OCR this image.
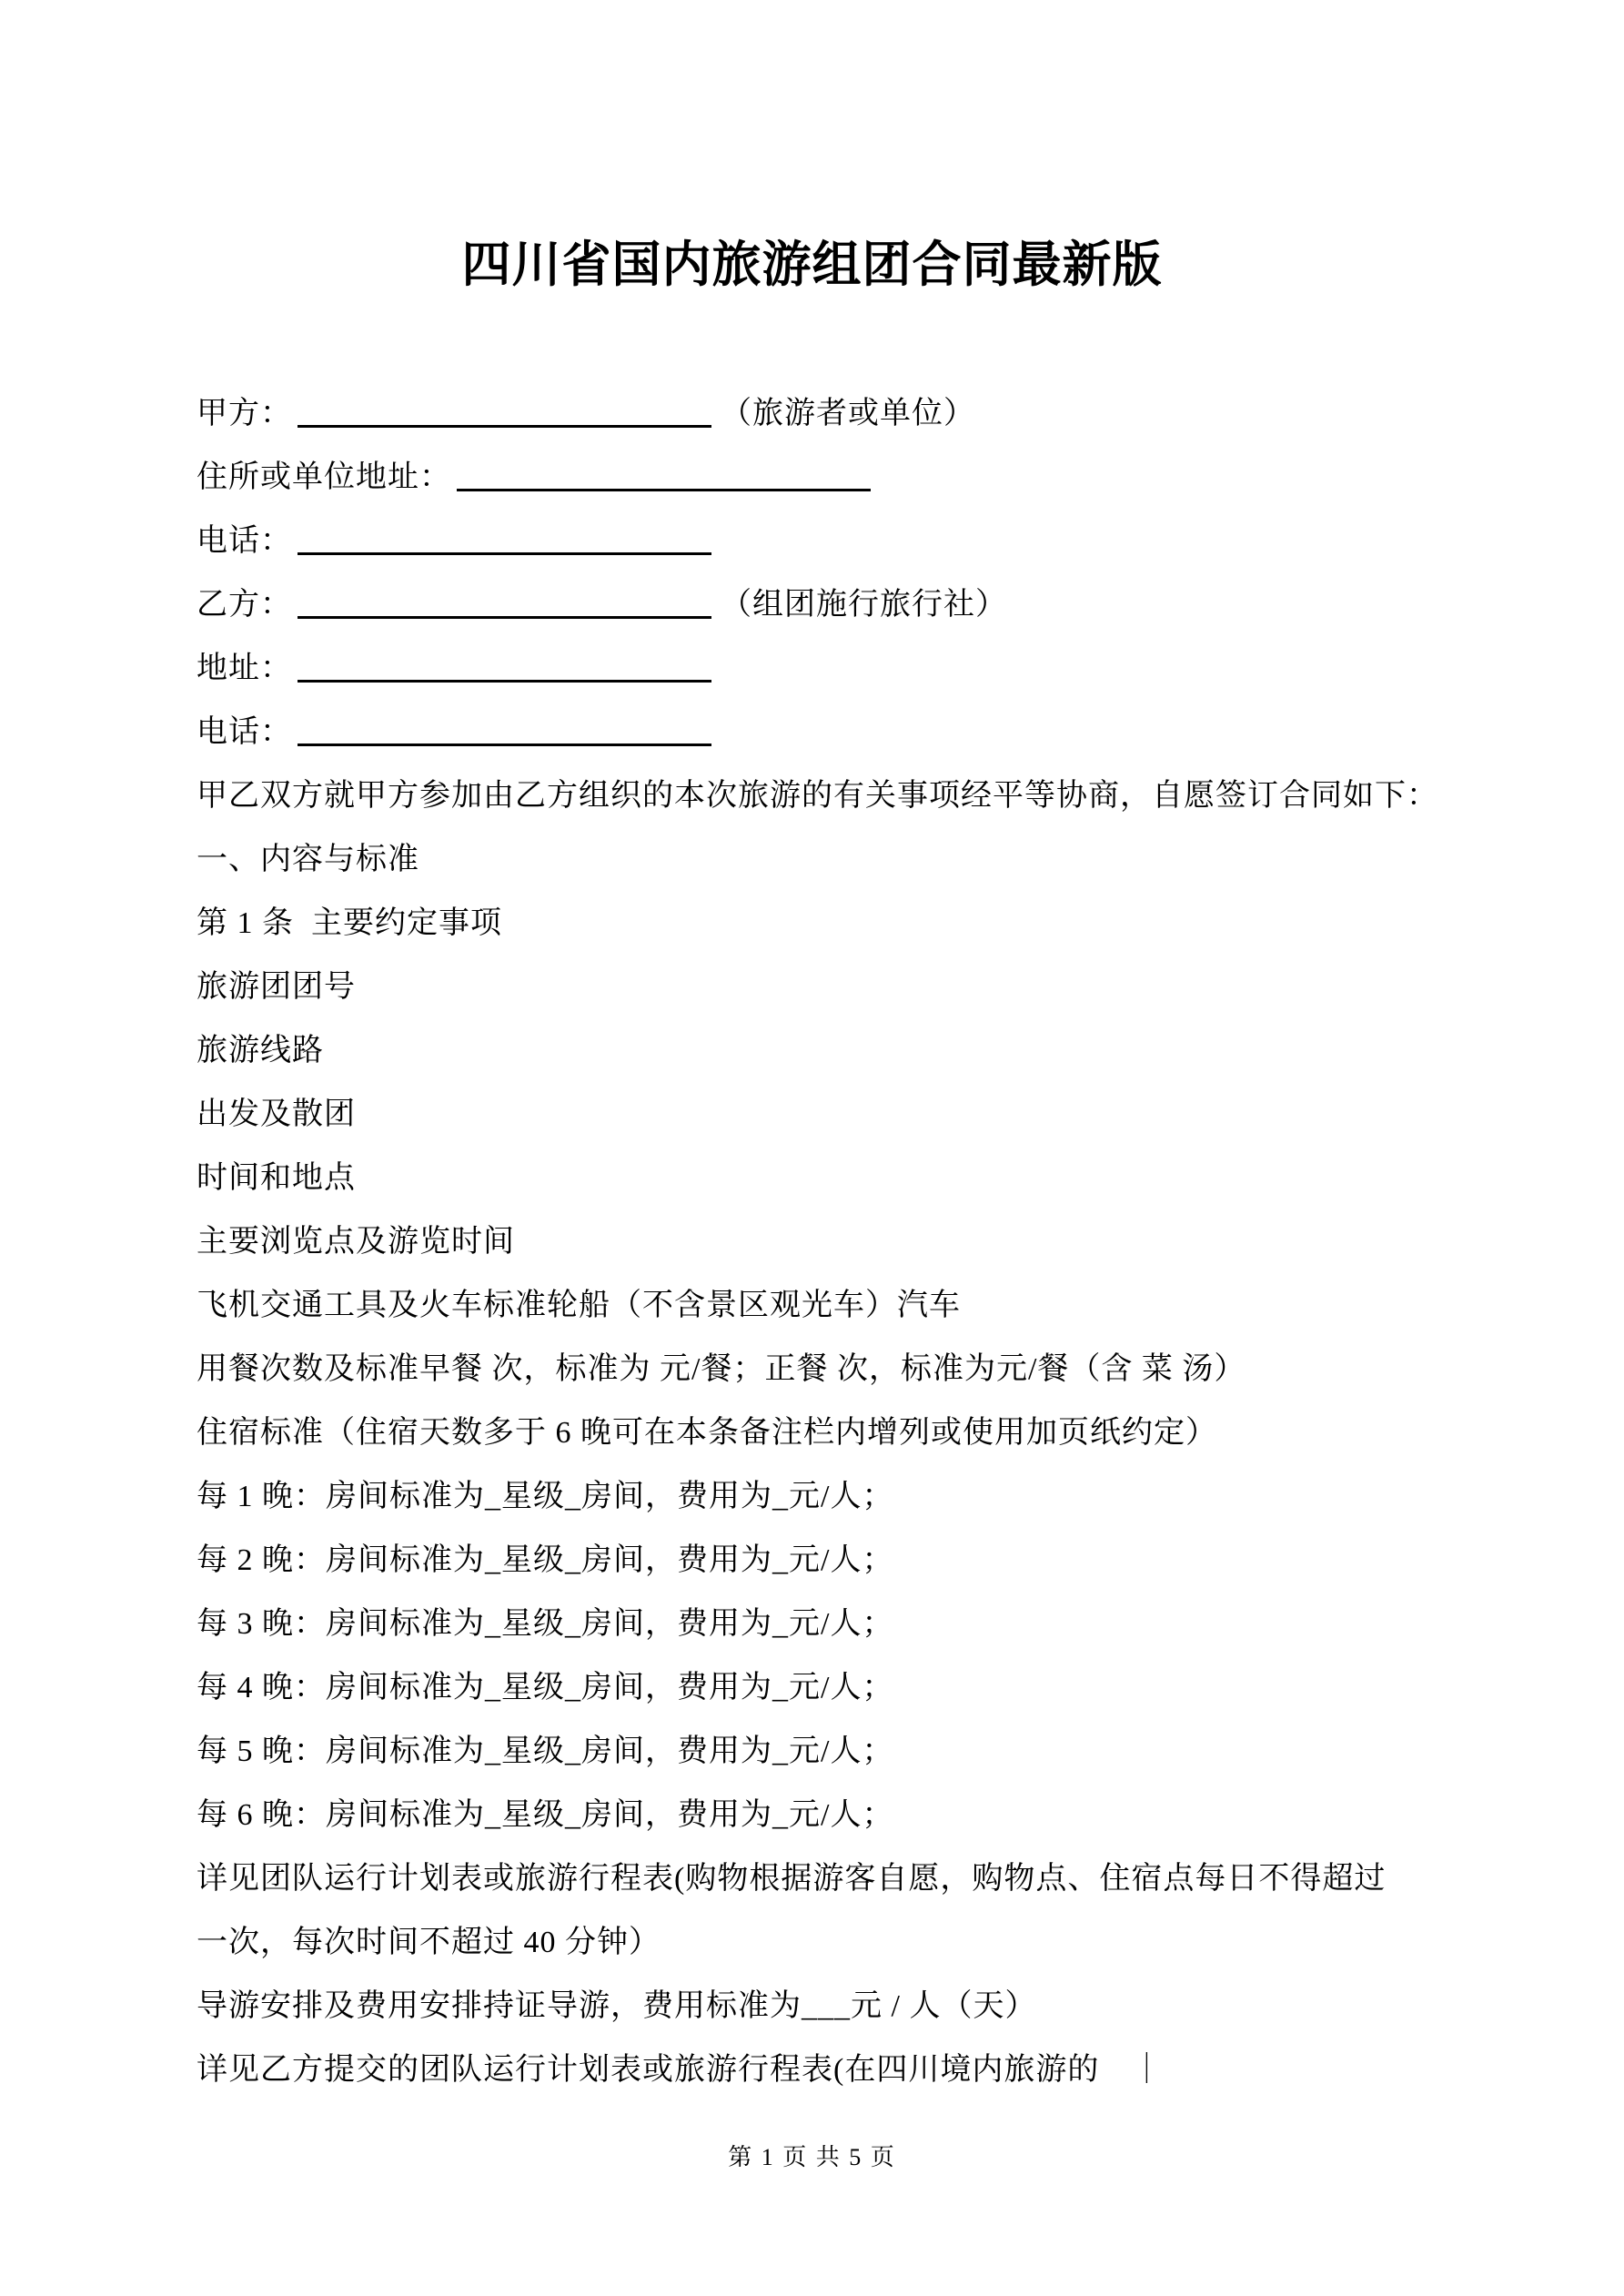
四川省国内旅游组团合同最新版
甲方：	（旅游者或单位）
住所或单位地址：
电话：
乙方：	（组团施行旅行社）
地址：
电话：
甲乙双方就甲方参加由乙方组织的本次旅游的有关事项经平等协商，自愿签订合同如下：
一、内容与标准
第 1 条  主要约定事项
旅游团团号
旅游线路
出发及散团
时间和地点
主要浏览点及游览时间
飞机交通工具及火车标准轮船（不含景区观光车）汽车
用餐次数及标准早餐 次，标准为 元/餐；正餐 次，标准为元/餐（含 菜 汤）
住宿标准（住宿天数多于 6 晚可在本条备注栏内增列或使用加页纸约定）
每 1 晚：房间标准为_星级_房间，费用为_元/人；
每 2 晚：房间标准为_星级_房间，费用为_元/人；
每 3 晚：房间标准为_星级_房间，费用为_元/人；
每 4 晚：房间标准为_星级_房间，费用为_元/人；
每 5 晚：房间标准为_星级_房间，费用为_元/人；
每 6 晚：房间标准为_星级_房间，费用为_元/人；
详见团队运行计划表或旅游行程表(购物根据游客自愿，购物点、住宿点每日不得超过
一次，每次时间不超过 40 分钟）
导游安排及费用安排持证导游，费用标准为___元 / 人（天）
详见乙方提交的团队运行计划表或旅游行程表(在四川境内旅游的　｜
第 1 页 共 5 页
